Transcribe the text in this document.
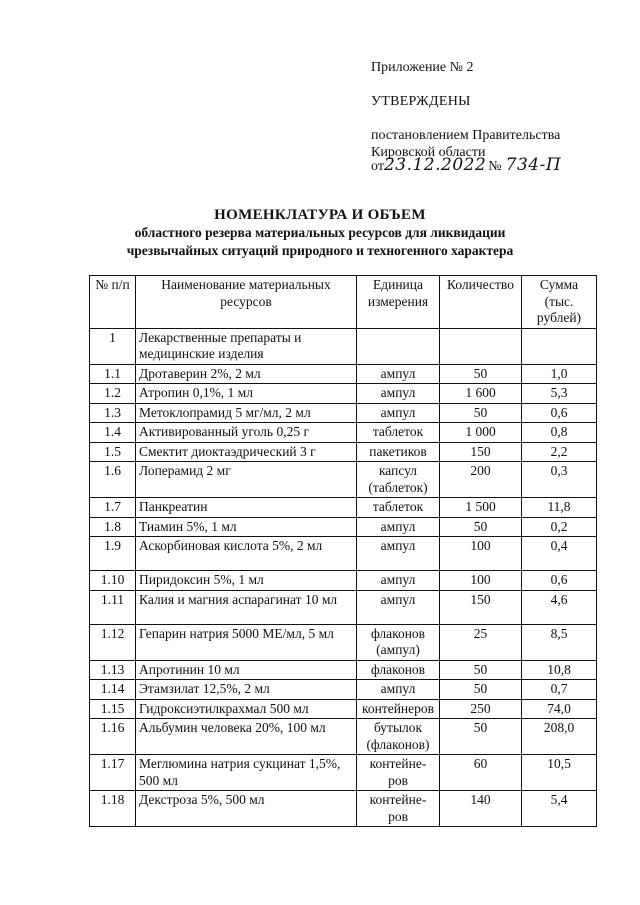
Приложение № 2
УТВЕРЖДЕНЫ
постановлением Правительства
Кировской области
от23.12.2022 № 734-П
НОМЕНКЛАТУРА И ОБЪЕМ
областного резерва материальных ресурсов для ликвидации
чрезвычайных ситуаций природного и техногенного характера
№ п/п	Наименование материальных ресурсов	Единица измерения	Количество	Сумма (тыс. рублей)
1	Лекарственные препараты и медицинские изделия			
1.1	Дротаверин 2%, 2 мл	ампул	50	1,0
1.2	Атропин 0,1%, 1 мл	ампул	1 600	5,3
1.3	Метоклопрамид 5 мг/мл, 2 мл	ампул	50	0,6
1.4	Активированный уголь 0,25 г	таблеток	1 000	0,8
1.5	Смектит диоктаэдрический 3 г	пакетиков	150	2,2
1.6	Лоперамид 2 мг	капсул (таблеток)	200	0,3
1.7	Панкреатин	таблеток	1 500	11,8
1.8	Тиамин 5%, 1 мл	ампул	50	0,2
1.9	Аскорбиновая кислота 5%, 2 мл	ампул	100	0,4
1.10	Пиридоксин 5%, 1 мл	ампул	100	0,6
1.11	Калия и магния аспарагинат 10 мл	ампул	150	4,6
1.12	Гепарин натрия 5000 МЕ/мл, 5 мл	флаконов (ампул)	25	8,5
1.13	Апротинин 10 мл	флаконов	50	10,8
1.14	Этамзилат 12,5%, 2 мл	ампул	50	0,7
1.15	Гидроксиэтилкрахмал 500 мл	контейнеров	250	74,0
1.16	Альбумин человека 20%, 100 мл	бутылок (флаконов)	50	208,0
1.17	Меглюмина натрия сукцинат 1,5%, 500 мл	контейне-ров	60	10,5
1.18	Декстроза 5%, 500 мл	контейне-ров	140	5,4
